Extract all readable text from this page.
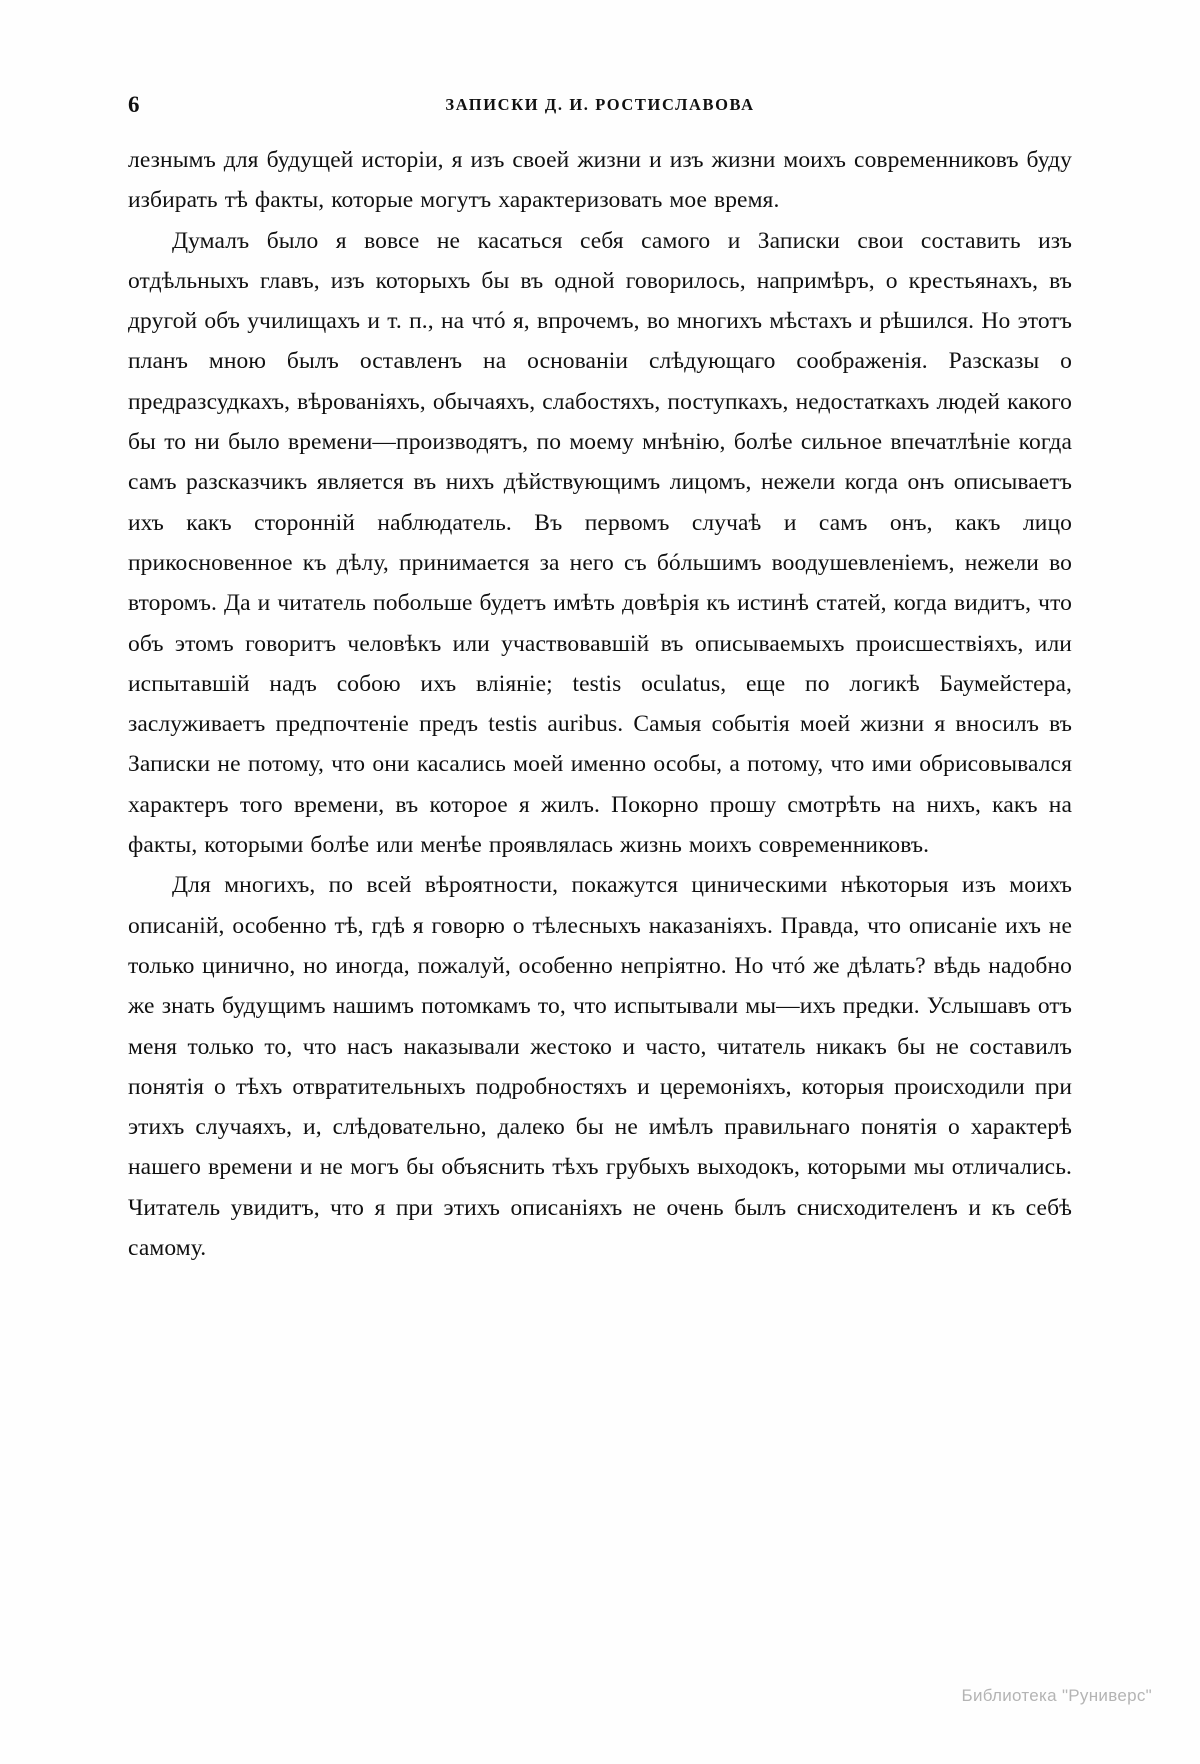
6	ЗАПИСКИ Д. И. РОСТИСЛАВОВА

лезнымъ для будущей исторіи, я изъ своей жизни и изъ жизни моихъ современниковъ буду избирать тѣ факты, которые могутъ характеризовать мое время.

Думалъ было я вовсе не касаться себя самого и Записки свои составить изъ отдѣльныхъ главъ, изъ которыхъ бы въ одной говорилось, напримѣръ, о крестьянахъ, въ другой объ училищахъ и т. п., на чтó я, впрочемъ, во многихъ мѣстахъ и рѣшился. Но этотъ планъ мною былъ оставленъ на основаніи слѣдующаго соображенія. Разсказы о предразсудкахъ, вѣрованіяхъ, обычаяхъ, слабостяхъ, поступкахъ, недостаткахъ людей какого бы то ни было времени—производятъ, по моему мнѣнію, болѣе сильное впечатлѣніе когда самъ разсказчикъ является въ нихъ дѣйствующимъ лицомъ, нежели когда онъ описываетъ ихъ какъ сторонній наблюдатель. Въ первомъ случаѣ и самъ онъ, какъ лицо прикосновенное къ дѣлу, принимается за него съ бóльшимъ воодушевленіемъ, нежели во второмъ. Да и читатель побольше будетъ имѣть довѣрія къ истинѣ статей, когда видитъ, что объ этомъ говоритъ человѣкъ или участвовавшій въ описываемыхъ происшествіяхъ, или испытавшій надъ собою ихъ вліяніе; testis oculatus, еще по логикѣ Баумейстера, заслуживаетъ предпочтеніе предъ testis auribus. Самыя событія моей жизни я вносилъ въ Записки не потому, что они касались моей именно особы, а потому, что ими обрисовывался характеръ того времени, въ которое я жилъ. Покорно прошу смотрѣть на нихъ, какъ на факты, которыми болѣе или менѣе проявлялась жизнь моихъ современниковъ.

Для многихъ, по всей вѣроятности, покажутся циническими нѣкоторыя изъ моихъ описаній, особенно тѣ, гдѣ я говорю о тѣлесныхъ наказаніяхъ. Правда, что описаніе ихъ не только цинично, но иногда, пожалуй, особенно непріятно. Но чтó же дѣлать? вѣдь надобно же знать будущимъ нашимъ потомкамъ то, что испытывали мы—ихъ предки. Услышавъ отъ меня только то, что насъ наказывали жестоко и часто, читатель никакъ бы не составилъ понятія о тѣхъ отвратительныхъ подробностяхъ и церемоніяхъ, которыя происходили при этихъ случаяхъ, и, слѣдовательно, далеко бы не имѣлъ правильнаго понятія о характерѣ нашего времени и не могъ бы объяснить тѣхъ грубыхъ выходокъ, которыми мы отличались. Читатель увидитъ, что я при этихъ описаніяхъ не очень былъ снисходителенъ и къ себѣ самому.

Библиотека "Руниверс"
